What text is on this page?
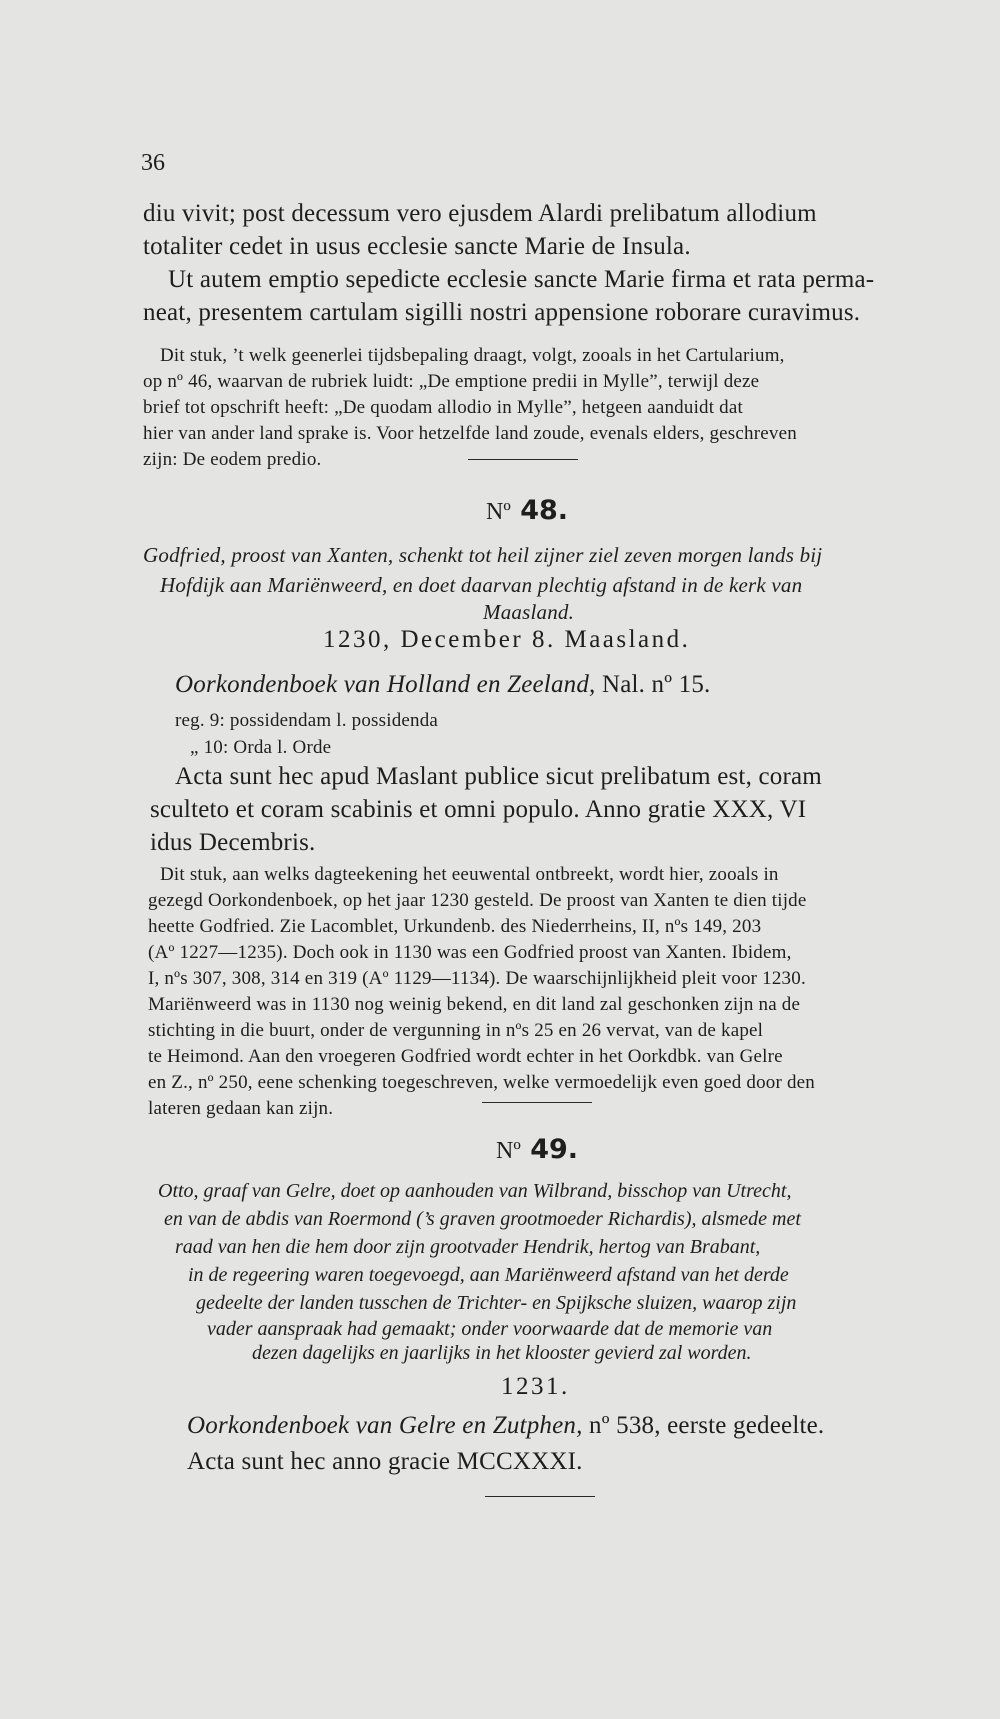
36
diu vivit; post decessum vero ejusdem Alardi prelibatum allodium
totaliter cedet in usus ecclesie sancte Marie de Insula.
Ut autem emptio sepedicte ecclesie sancte Marie firma et rata perma-
neat, presentem cartulam sigilli nostri appensione roborare curavimus.
Dit stuk, ’t welk geenerlei tijdsbepaling draagt, volgt, zooals in het Cartularium,
op nº 46, waarvan de rubriek luidt: „De emptione predii in Mylle”, terwijl deze
brief tot opschrift heeft: „De quodam allodio in Mylle”, hetgeen aanduidt dat
hier van ander land sprake is. Voor hetzelfde land zoude, evenals elders, geschreven
zijn: De eodem predio.
Nº 48.
Godfried, proost van Xanten, schenkt tot heil zijner ziel zeven morgen lands bij
Hofdijk aan Mariënweerd, en doet daarvan plechtig afstand in de kerk van
Maasland.
1230, December 8. Maasland.
Oorkondenboek van Holland en Zeeland, Nal. nº 15.
reg. 9: possidendam l. possidenda
„ 10: Orda l. Orde
Acta sunt hec apud Maslant publice sicut prelibatum est, coram
sculteto et coram scabinis et omni populo. Anno gratie XXX, VI
idus Decembris.
Dit stuk, aan welks dagteekening het eeuwental ontbreekt, wordt hier, zooals in
gezegd Oorkondenboek, op het jaar 1230 gesteld. De proost van Xanten te dien tijde
heette Godfried. Zie Lacomblet, Urkundenb. des Niederrheins, II, nºs 149, 203
(Aº 1227—1235). Doch ook in 1130 was een Godfried proost van Xanten. Ibidem,
I, nºs 307, 308, 314 en 319 (Aº 1129—1134). De waarschijnlijkheid pleit voor 1230.
Mariënweerd was in 1130 nog weinig bekend, en dit land zal geschonken zijn na de
stichting in die buurt, onder de vergunning in nºs 25 en 26 vervat, van de kapel
te Heimond. Aan den vroegeren Godfried wordt echter in het Oorkdbk. van Gelre
en Z., nº 250, eene schenking toegeschreven, welke vermoedelijk even goed door den
lateren gedaan kan zijn.
Nº 49.
Otto, graaf van Gelre, doet op aanhouden van Wilbrand, bisschop van Utrecht,
en van de abdis van Roermond (’s graven grootmoeder Richardis), alsmede met
raad van hen die hem door zijn grootvader Hendrik, hertog van Brabant,
in de regeering waren toegevoegd, aan Mariënweerd afstand van het derde
gedeelte der landen tusschen de Trichter- en Spijksche sluizen, waarop zijn
vader aanspraak had gemaakt; onder voorwaarde dat de memorie van
dezen dagelijks en jaarlijks in het klooster gevierd zal worden.
1231.
Oorkondenboek van Gelre en Zutphen, nº 538, eerste gedeelte.
Acta sunt hec anno gracie MCCXXXI.
